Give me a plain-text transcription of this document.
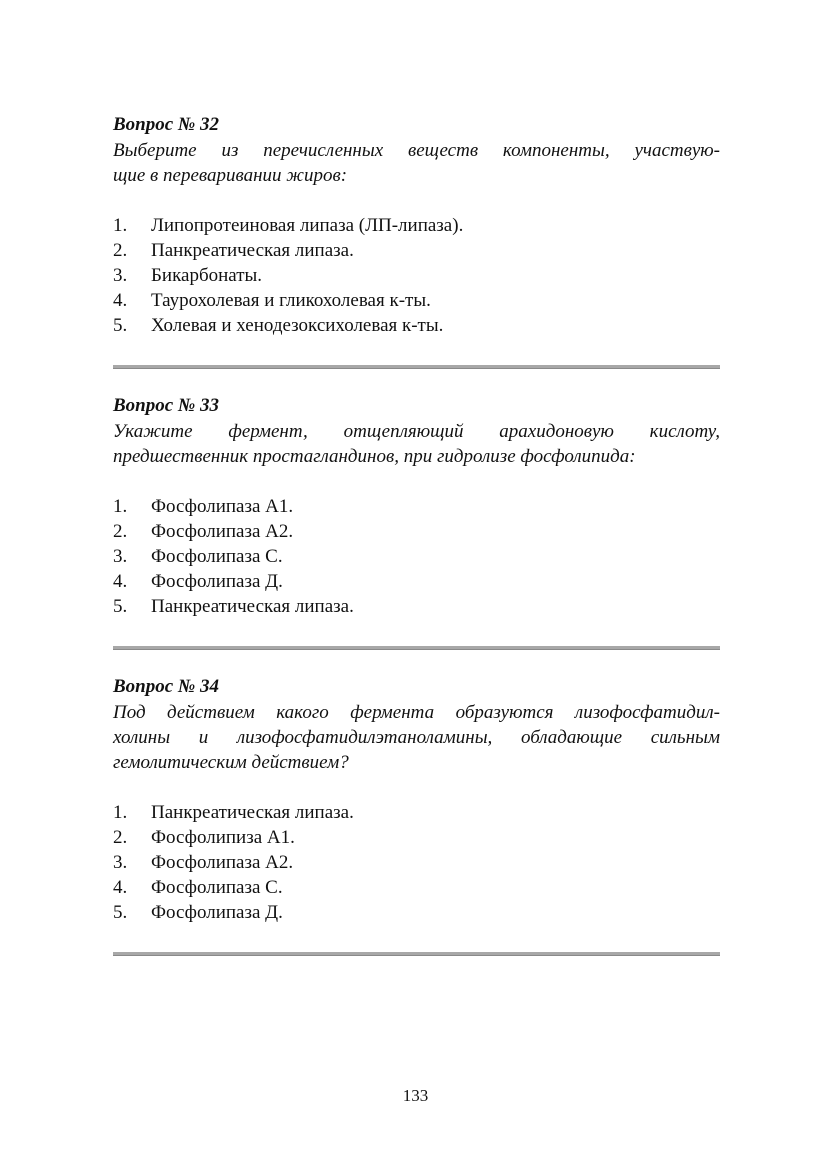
Вопрос № 32

Выберите из перечисленных веществ компоненты, участвую-

щие в переваривании жиров:

1.	Липопротеиновая липаза (ЛП-липаза).
2.	Панкреатическая липаза.
3.	Бикарбонаты.
4.	Таурохолевая и гликохолевая к-ты.
5.	Холевая и хенодезоксихолевая к-ты.

Вопрос № 33

Укажите фермент, отщепляющий арахидоновую кислоту,

предшественник простагландинов, при гидролизе фосфолипида:

1.	Фосфолипаза А1.
2.	Фосфолипаза А2.
3.	Фосфолипаза С.
4.	Фосфолипаза Д.
5.	Панкреатическая липаза.

Вопрос № 34

Под действием какого фермента образуются лизофосфатидил-

холины и лизофосфатидилэтаноламины, обладающие сильным

гемолитическим действием?

1.	Панкреатическая липаза.
2.	Фосфолипиза А1.
3.	Фосфолипаза А2.
4.	Фосфолипаза С.
5.	Фосфолипаза Д.
133
